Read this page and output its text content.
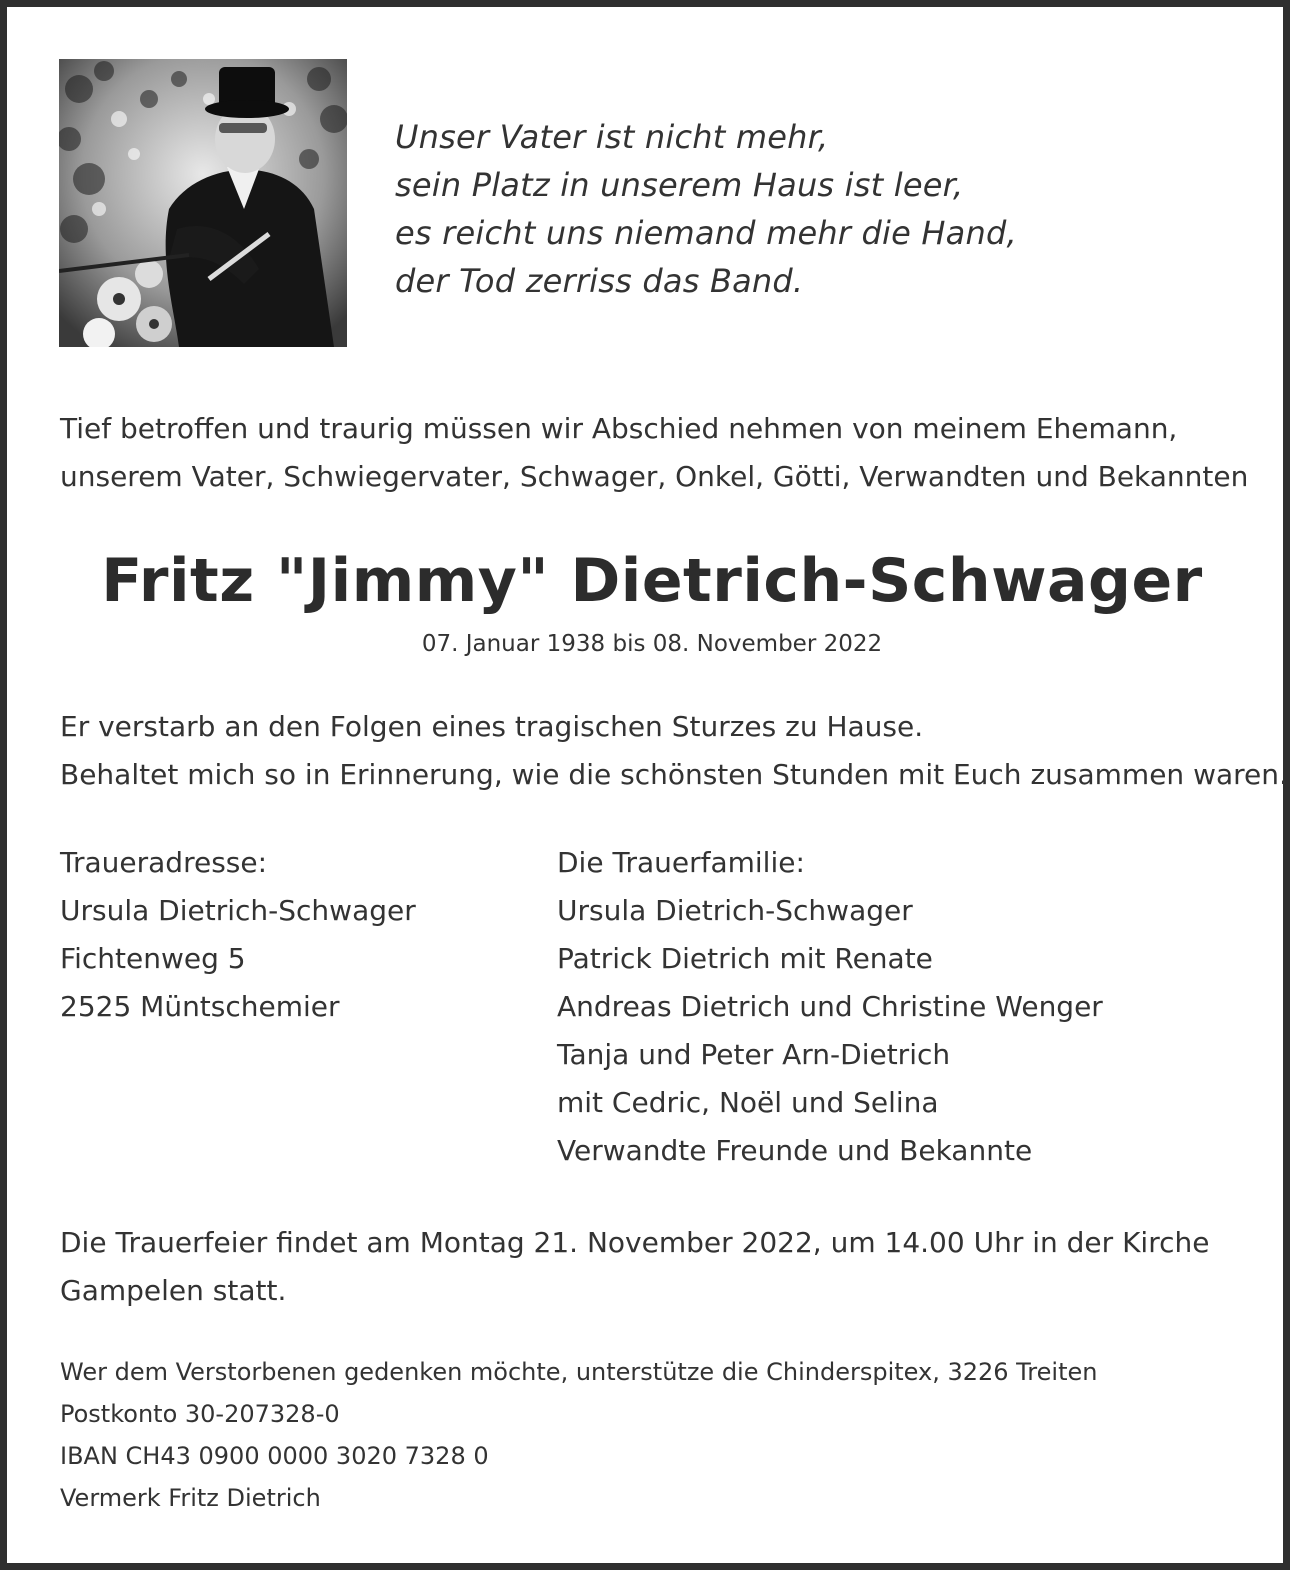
Unser Vater ist nicht mehr,
sein Platz in unserem Haus ist leer,
es reicht uns niemand mehr die Hand,
der Tod zerriss das Band.
Tief betroffen und traurig müssen wir Abschied nehmen von meinem Ehemann,
unserem Vater, Schwiegervater, Schwager, Onkel, Götti, Verwandten und Bekannten
Fritz "Jimmy" Dietrich-Schwager
07. Januar 1938 bis 08. November 2022
Er verstarb an den Folgen eines tragischen Sturzes zu Hause.
Behaltet mich so in Erinnerung, wie die schönsten Stunden mit Euch zusammen waren.
Traueradresse:
Ursula Dietrich-Schwager
Fichtenweg 5
2525 Müntschemier
Die Trauerfamilie:
Ursula Dietrich-Schwager
Patrick Dietrich mit Renate
Andreas Dietrich und Christine Wenger
Tanja und Peter Arn-Dietrich
mit Cedric, Noël und Selina
Verwandte Freunde und Bekannte
Die Trauerfeier findet am Montag 21. November 2022, um 14.00 Uhr in der Kirche
Gampelen statt.
Wer dem Verstorbenen gedenken möchte, unterstütze die Chinderspitex, 3226 Treiten
Postkonto 30-207328-0
IBAN CH43 0900 0000 3020 7328 0
Vermerk Fritz Dietrich
